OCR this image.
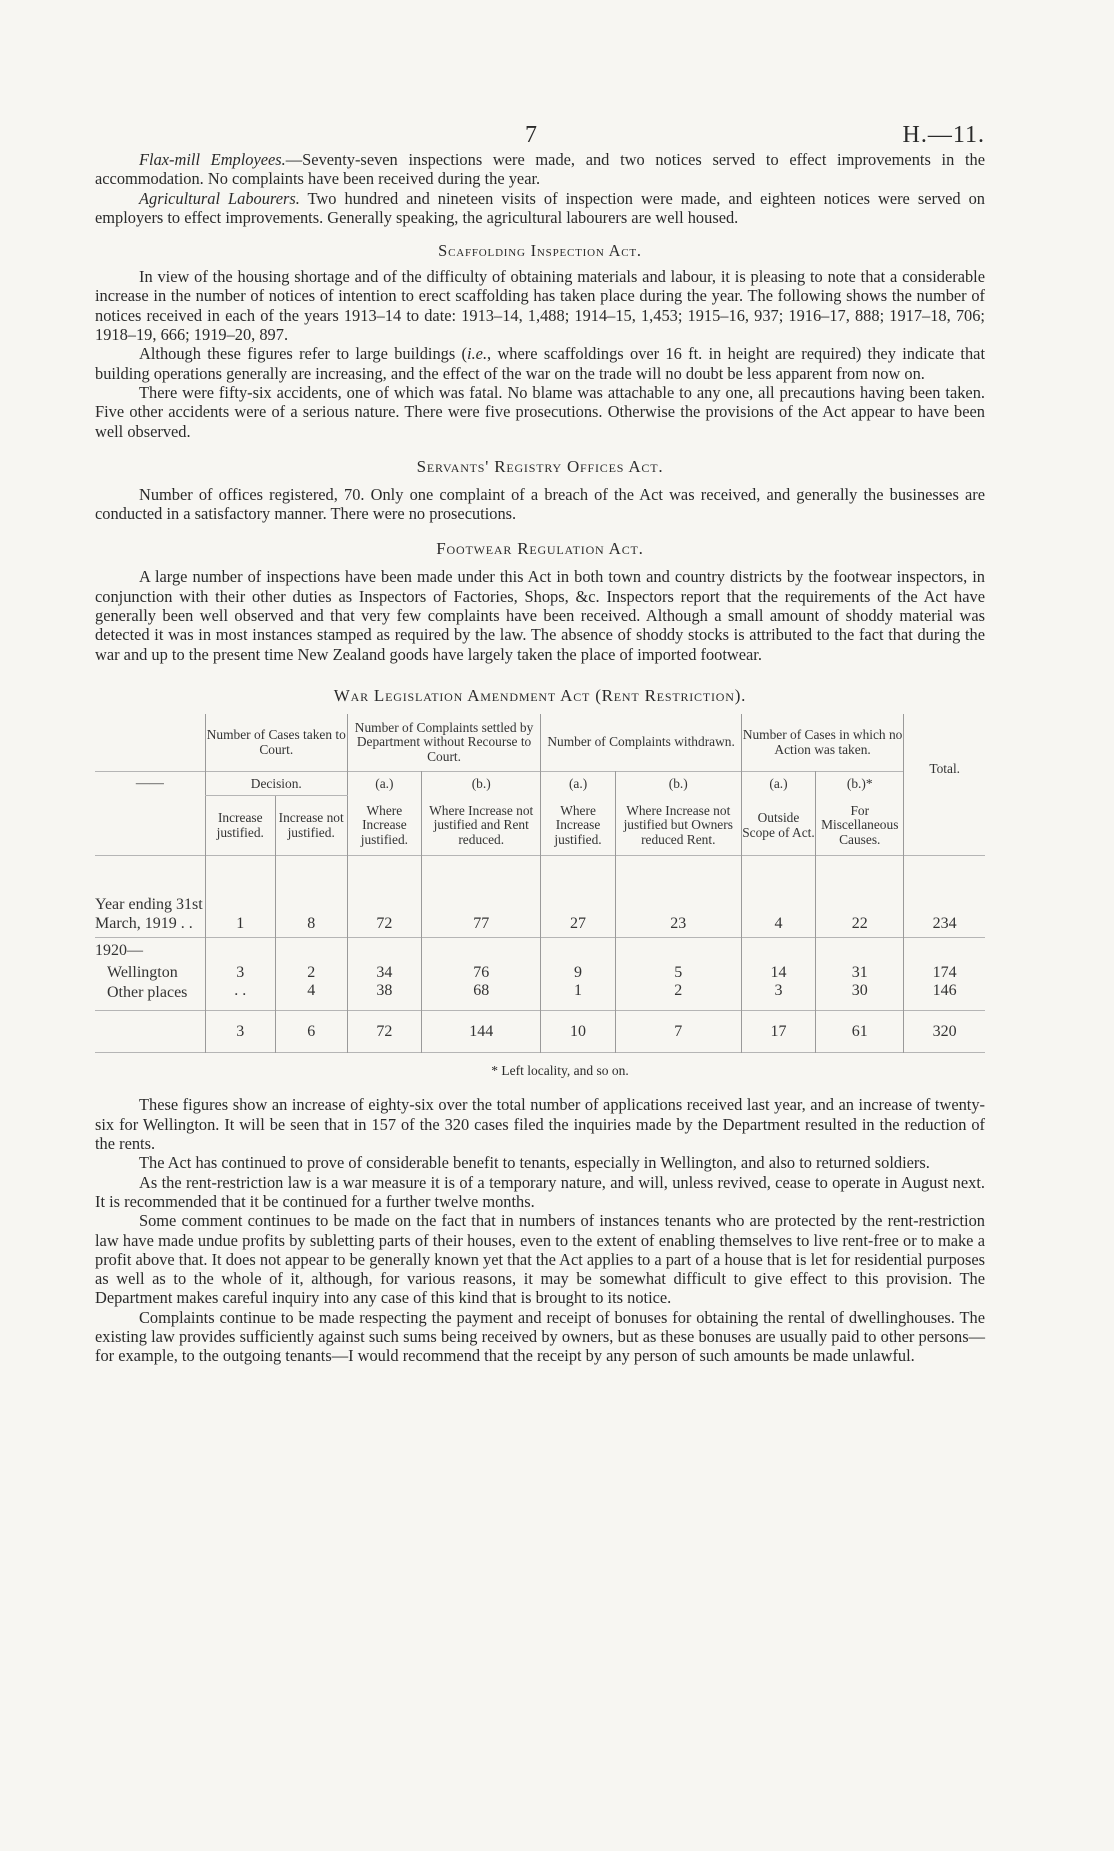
7	H.—11.

Flax-mill Employees.—Seventy-seven inspections were made, and two notices served to effect improvements in the accommodation. No complaints have been received during the year.

Agricultural Labourers. Two hundred and nineteen visits of inspection were made, and eighteen notices were served on employers to effect improvements. Generally speaking, the agricultural labourers are well housed.

Scaffolding Inspection Act.

In view of the housing shortage and of the difficulty of obtaining materials and labour, it is pleasing to note that a considerable increase in the number of notices of intention to erect scaffolding has taken place during the year. The following shows the number of notices received in each of the years 1913–14 to date: 1913–14, 1,488; 1914–15, 1,453; 1915–16, 937; 1916–17, 888; 1917–18, 706; 1918–19, 666; 1919–20, 897.

Although these figures refer to large buildings (i.e., where scaffoldings over 16 ft. in height are required) they indicate that building operations generally are increasing, and the effect of the war on the trade will no doubt be less apparent from now on.

There were fifty-six accidents, one of which was fatal. No blame was attachable to any one, all precautions having been taken. Five other accidents were of a serious nature. There were five prosecutions. Otherwise the provisions of the Act appear to have been well observed.

Servants' Registry Offices Act.

Number of offices registered, 70. Only one complaint of a breach of the Act was received, and generally the businesses are conducted in a satisfactory manner. There were no prosecutions.

Footwear Regulation Act.

A large number of inspections have been made under this Act in both town and country districts by the footwear inspectors, in conjunction with their other duties as Inspectors of Factories, Shops, &c. Inspectors report that the requirements of the Act have generally been well observed and that very few complaints have been received. Although a small amount of shoddy material was detected it was in most instances stamped as required by the law. The absence of shoddy stocks is attributed to the fact that during the war and up to the present time New Zealand goods have largely taken the place of imported footwear.

War Legislation Amendment Act (Rent Restriction).
	Number of Cases taken to Court.		Number of Complaints settled by Department without Recourse to Court.		Number of Complaints withdrawn.		Number of Cases in which no Action was taken.		Total.
——	Decision.		(a.)	(b.)	(a.)	(b.)	(a.)	(b.)*	
	Increase justified.	Increase not justified.	Where Increase justified.	Where Increase not justified and Rent reduced.	Where Increase justified.	Where Increase not justified but Owners reduced Rent.	Outside Scope of Act.	For Miscellaneous Causes.	
Year ending 31st March, 1919 . .	1	8	72	77	27	23	4	22	234
1920—									
Wellington	3	2	34	76	9	5	14	31	174
Other places	. .	4	38	68	1	2	3	30	146
	3	6	72	144	10	7	17	61	320
* Left locality, and so on.

These figures show an increase of eighty-six over the total number of applications received last year, and an increase of twenty-six for Wellington. It will be seen that in 157 of the 320 cases filed the inquiries made by the Department resulted in the reduction of the rents.

The Act has continued to prove of considerable benefit to tenants, especially in Wellington, and also to returned soldiers.

As the rent-restriction law is a war measure it is of a temporary nature, and will, unless revived, cease to operate in August next. It is recommended that it be continued for a further twelve months.

Some comment continues to be made on the fact that in numbers of instances tenants who are protected by the rent-restriction law have made undue profits by subletting parts of their houses, even to the extent of enabling themselves to live rent-free or to make a profit above that. It does not appear to be generally known yet that the Act applies to a part of a house that is let for residential purposes as well as to the whole of it, although, for various reasons, it may be somewhat difficult to give effect to this provision. The Department makes careful inquiry into any case of this kind that is brought to its notice.

Complaints continue to be made respecting the payment and receipt of bonuses for obtaining the rental of dwellinghouses. The existing law provides sufficiently against such sums being received by owners, but as these bonuses are usually paid to other persons—for example, to the outgoing tenants—I would recommend that the receipt by any person of such amounts be made unlawful.
